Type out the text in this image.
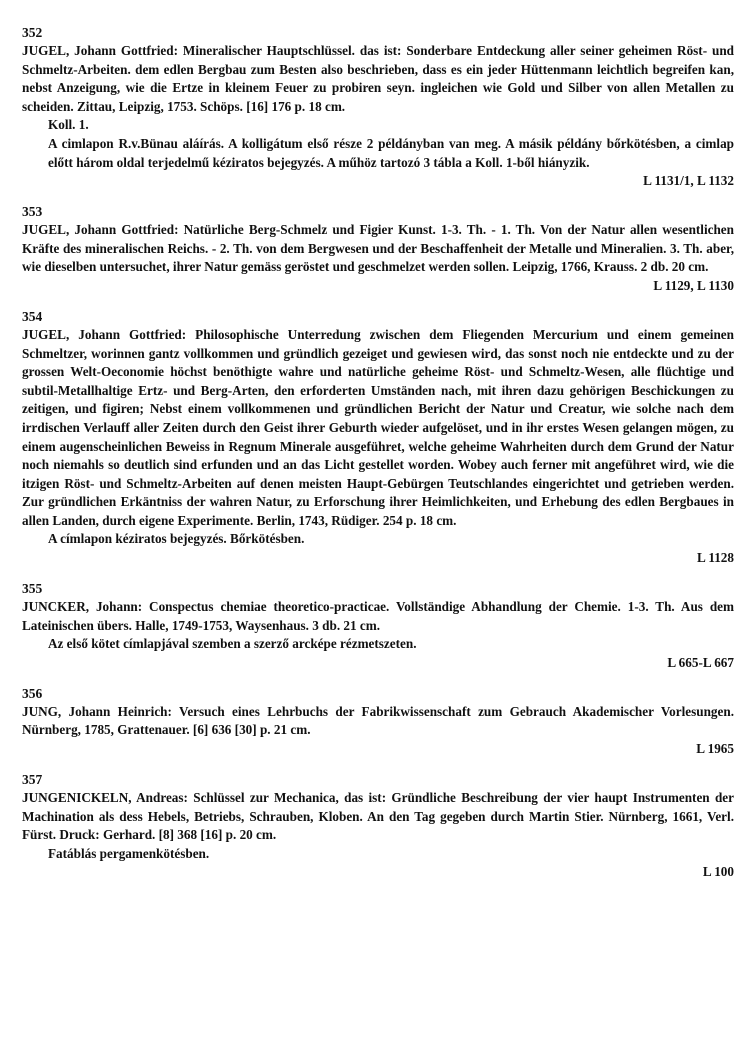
352

JUGEL, Johann Gottfried: Mineralischer Hauptschlüssel. das ist: Sonderbare Entdeckung aller seiner geheimen Röst- und Schmeltz-Arbeiten. dem edlen Bergbau zum Besten also beschrieben, dass es ein jeder Hüttenmann leichtlich begreifen kan, nebst Anzeigung, wie die Ertze in kleinem Feuer zu probiren seyn. ingleichen wie Gold und Silber von allen Metallen zu scheiden. Zittau, Leipzig, 1753. Schöps. [16] 176 p. 18 cm.

Koll. 1.

A cimlapon R.v.Bünau aláírás. A kolligátum első része 2 példányban van meg. A másik példány bőrkötésben, a cimlap előtt három oldal terjedelmű kéziratos bejegyzés. A műhöz tartozó 3 tábla a Koll. 1-ből hiányzik.

L 1131/1, L 1132

353

JUGEL, Johann Gottfried: Natürliche Berg-Schmelz und Figier Kunst. 1-3. Th. - 1. Th. Von der Natur allen wesentlichen Kräfte des mineralischen Reichs. - 2. Th. von dem Bergwesen und der Beschaffenheit der Metalle und Mineralien. 3. Th. aber, wie dieselben untersuchet, ihrer Natur gemäss geröstet und geschmelzet werden sollen. Leipzig, 1766, Krauss. 2 db. 20 cm.

L 1129, L 1130

354

JUGEL, Johann Gottfried: Philosophische Unterredung zwischen dem Fliegenden Mercurium und einem gemeinen Schmeltzer, worinnen gantz vollkommen und gründlich gezeiget und gewiesen wird, das sonst noch nie entdeckte und zu der grossen Welt-Oeconomie höchst benöthigte wahre und natürliche geheime Röst- und Schmeltz-Wesen, alle flüchtige und subtil-Metallhaltige Ertz- und Berg-Arten, den erforderten Umständen nach, mit ihren dazu gehörigen Beschickungen zu zeitigen, und figiren; Nebst einem vollkommenen und gründlichen Bericht der Natur und Creatur, wie solche nach dem irrdischen Verlauff aller Zeiten durch den Geist ihrer Geburth wieder aufgelöset, und in ihr erstes Wesen gelangen mögen, zu einem augenscheinlichen Beweiss in Regnum Minerale ausgeführet, welche geheime Wahrheiten durch dem Grund der Natur noch niemahls so deutlich sind erfunden und an das Licht gestellet worden. Wobey auch ferner mit angeführet wird, wie die itzigen Röst- und Schmeltz-Arbeiten auf denen meisten Haupt-Gebürgen Teutschlandes eingerichtet und getrieben werden. Zur gründlichen Erkäntniss der wahren Natur, zu Erforschung ihrer Heimlichkeiten, und Erhebung des edlen Bergbaues in allen Landen, durch eigene Experimente. Berlin, 1743, Rüdiger. 254 p. 18 cm.

A címlapon kéziratos bejegyzés. Bőrkötésben.

L 1128

355

JUNCKER, Johann: Conspectus chemiae theoretico-practicae. Vollständige Abhandlung der Chemie. 1-3. Th. Aus dem Lateinischen übers. Halle, 1749-1753, Waysenhaus. 3 db. 21 cm.

Az első kötet címlapjával szemben a szerző arcképe rézmetszeten.

L 665-L 667

356

JUNG, Johann Heinrich: Versuch eines Lehrbuchs der Fabrikwissenschaft zum Gebrauch Akademischer Vorlesungen. Nürnberg, 1785, Grattenauer. [6] 636 [30] p. 21 cm.

L 1965

357

JUNGENICKELN, Andreas: Schlüssel zur Mechanica, das ist: Gründliche Beschreibung der vier haupt Instrumenten der Machination als dess Hebels, Betriebs, Schrauben, Kloben. An den Tag gegeben durch Martin Stier. Nürnberg, 1661, Verl. Fürst. Druck: Gerhard. [8] 368 [16] p. 20 cm.

Fatáblás pergamenkötésben.

L 100
